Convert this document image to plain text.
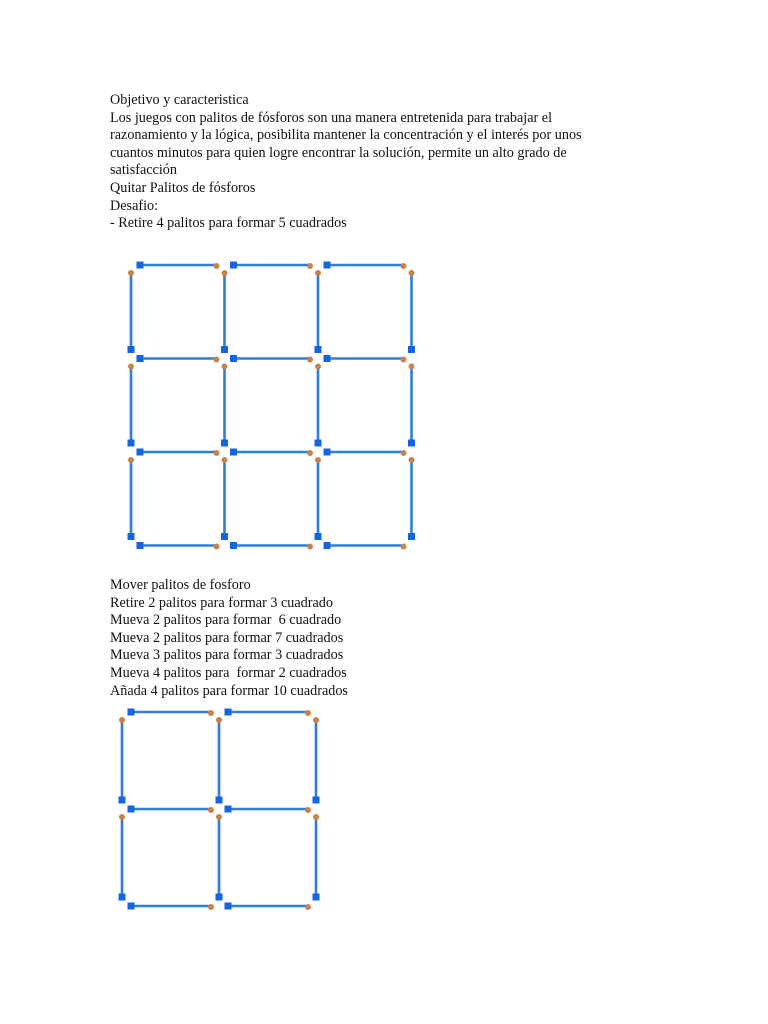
Objetivo y caracteristica
Los juegos con palitos de fósforos son una manera entretenida para trabajar el
razonamiento y la lógica, posibilita mantener la concentración y el interés por unos
cuantos minutos para quien logre encontrar la solución, permite un alto grado de
satisfacción
Quitar Palitos de fósforos
Desafio:
- Retire 4 palitos para formar 5 cuadrados
Mover palitos de fosforo
Retire 2 palitos para formar 3 cuadrado
Mueva 2 palitos para formar  6 cuadrado
Mueva 2 palitos para formar 7 cuadrados
Mueva 3 palitos para formar 3 cuadrados
Mueva 4 palitos para  formar 2 cuadrados
Añada 4 palitos para formar 10 cuadrados
